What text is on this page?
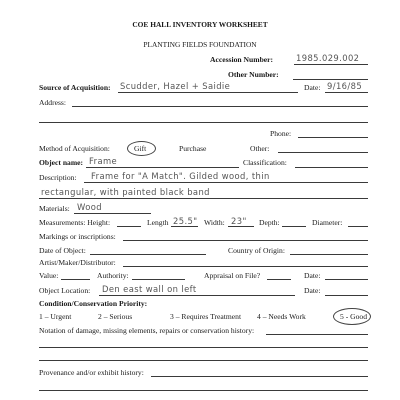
COE HALL INVENTORY WORKSHEET
PLANTING FIELDS FOUNDATION
Accession Number:	1985.029.002
Other Number:
Source of Acquisition: Scudder, Hazel + Saidie	Date: 9/16/85
Address:
Phone:
Method of Acquisition:	Gift	Purchase	Other:
Object name: Frame	Classification:
Description: Frame for "A Match". Gilded wood, thin
rectangular, with painted black band
Materials: Wood
Measurements: Height:	Length 25.5" Width: 23" Depth:	Diameter:
Markings or inscriptions:
Date of Object:	Country of Origin:
Artist/Maker/Distributor:
Value:	Authority:	Appraisal on File?	Date:
Object Location: Den east wall on left	Date:
Condition/Conservation Priority:
1 – Urgent	2 – Serious	3 – Requires Treatment 4 – Needs Work	5 - Good
Notation of damage, missing elements, repairs or conservation history:
Provenance and/or exhibit history:
